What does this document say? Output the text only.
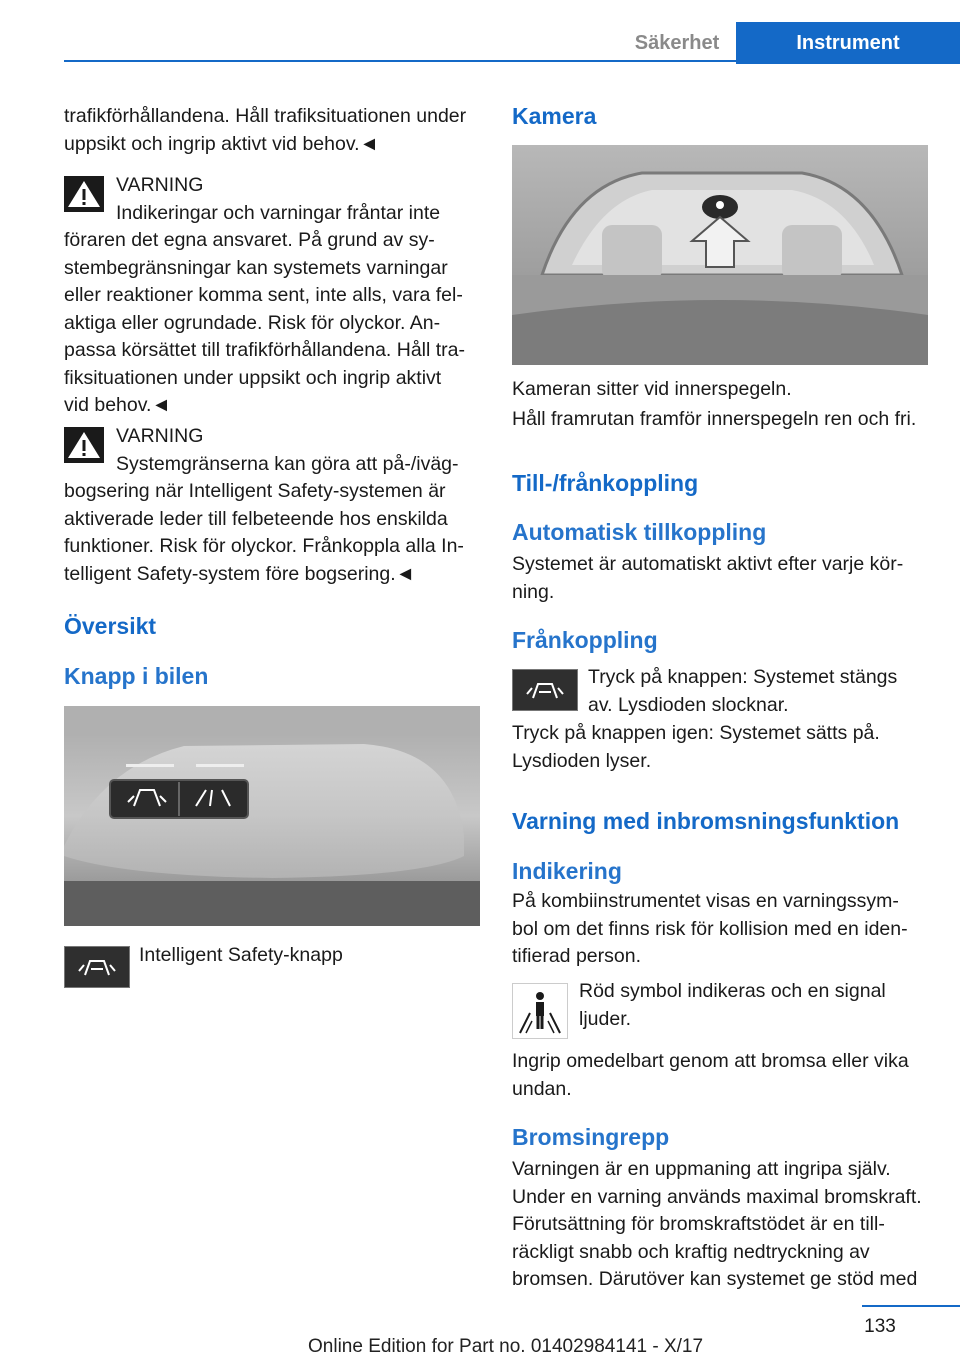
Säkerhet	Instrument

trafikförhållandena. Håll trafiksituationen under

uppsikt och ingrip aktivt vid behov.◄

VARNING

Indikeringar och varningar fråntar inte

föraren det egna ansvaret. På grund av sy‐

stembegränsningar kan systemets varningar

eller reaktioner komma sent, inte alls, vara fel‐

aktiga eller ogrundade. Risk för olyckor. An‐

passa körsättet till trafikförhållandena. Håll tra‐

fiksituationen under uppsikt och ingrip aktivt

vid behov.◄

VARNING

Systemgränserna kan göra att på-/iväg-

bogsering när Intelligent Safety-systemen är

aktiverade leder till felbeteende hos enskilda

funktioner. Risk för olyckor. Frånkoppla alla In‐

telligent Safety-system före bogsering.◄

Översikt
Knapp i bilen
Intelligent Safety-knapp
Kamera

Kameran sitter vid innerspegeln.

Håll framrutan framför innerspegeln ren och fri.

Till-/frånkoppling
Automatisk tillkoppling

Systemet är automatiskt aktivt efter varje kör‐

ning.

Frånkoppling

Tryck på knappen: Systemet stängs

av. Lysdioden slocknar.

Tryck på knappen igen: Systemet sätts på.

Lysdioden lyser.

Varning med inbromsningsfunktion
Indikering

På kombiinstrumentet visas en varningssym‐

bol om det finns risk för kollision med en iden‐

tifierad person.

Röd symbol indikeras och en signal

ljuder.

Ingrip omedelbart genom att bromsa eller vika

undan.

Bromsingrepp

Varningen är en uppmaning att ingripa själv.

Under en varning används maximal bromskraft.

Förutsättning för bromskraftstödet är en till‐

räckligt snabb och kraftig nedtryckning av

bromsen. Därutöver kan systemet ge stöd med

133
Online Edition for Part no. 01402984141 - X/17
